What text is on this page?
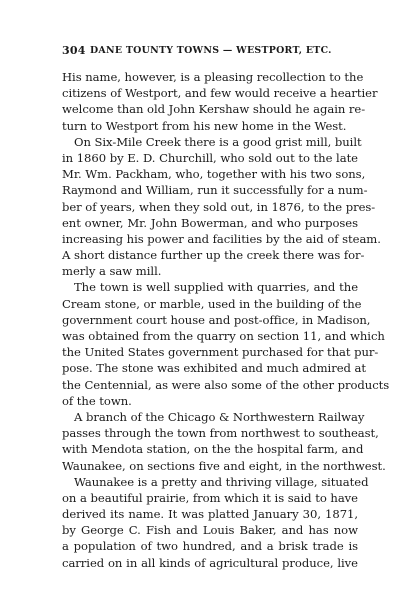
304 DANE TOUNTY TOWNS — WESTPORT, ETC.
His name, however, is a pleasing recollection to the
citizens of Westport, and few would receive a heartier
welcome than old John Kershaw should he again re-
turn to Westport from his new home in the West.
On Six-Mile Creek there is a good grist mill, built
in 1860 by E. D. Churchill, who sold out to the late
Mr. Wm. Packham, who, together with his two sons,
Raymond and William, run it successfully for a num-
ber of years, when they sold out, in 1876, to the pres-
ent owner, Mr. John Bowerman, and who purposes
increasing his power and facilities by the aid of steam.
A short distance further up the creek there was for-
merly a saw mill.
The town is well supplied with quarries, and the
Cream stone, or marble, used in the building of the
government court house and post-office, in Madison,
was obtained from the quarry on section 11, and which
the United States government purchased for that pur-
pose. The stone was exhibited and much admired at
the Centennial, as were also some of the other products
of the town.
A branch of the Chicago & Northwestern Railway
passes through the town from northwest to southeast,
with Mendota station, on the the hospital farm, and
Waunakee, on sections five and eight, in the northwest.
Waunakee is a pretty and thriving village, situated
on a beautiful prairie, from which it is said to have
derived its name. It was platted January 30, 1871,
by George C. Fish and Louis Baker, and has now
a population of two hundred, and a brisk trade is
carried on in all kinds of agricultural produce, live
